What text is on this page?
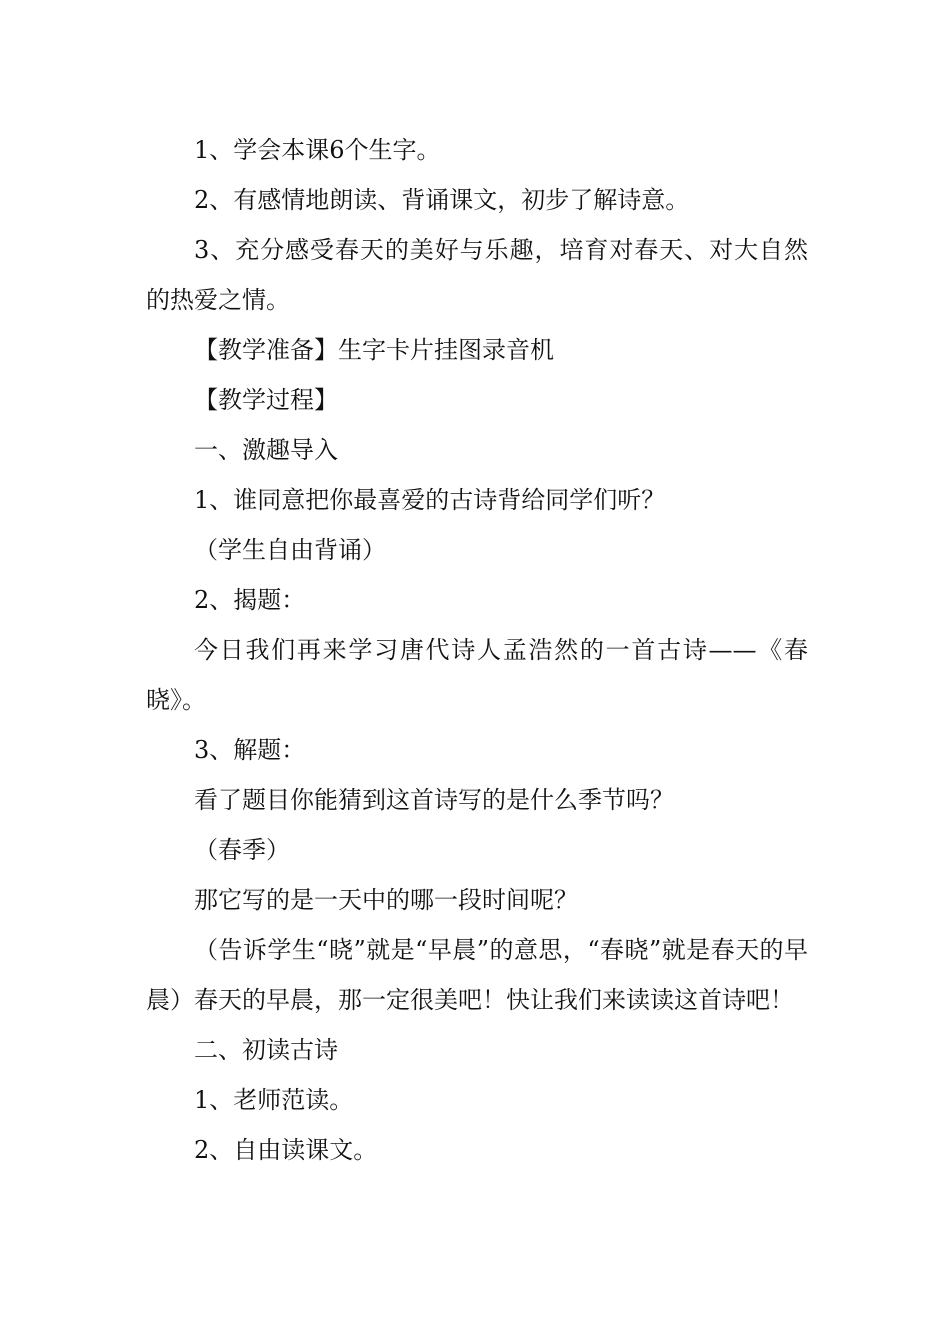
1、学会本课6个生字。

2、有感情地朗读、背诵课文，初步了解诗意。

3、充分感受春天的美好与乐趣，培育对春天、对大自然的热爱之情。

【教学准备】生字卡片挂图录音机

【教学过程】

一、激趣导入

1、谁同意把你最喜爱的古诗背给同学们听？

（学生自由背诵）

2、揭题：

今日我们再来学习唐代诗人孟浩然的一首古诗——《春晓》。

3、解题：

看了题目你能猜到这首诗写的是什么季节吗？

（春季）

那它写的是一天中的哪一段时间呢？

（告诉学生“晓”就是“早晨”的意思，“春晓”就是春天的早晨）春天的早晨，那一定很美吧！快让我们来读读这首诗吧！

二、初读古诗

1、老师范读。

2、自由读课文。
